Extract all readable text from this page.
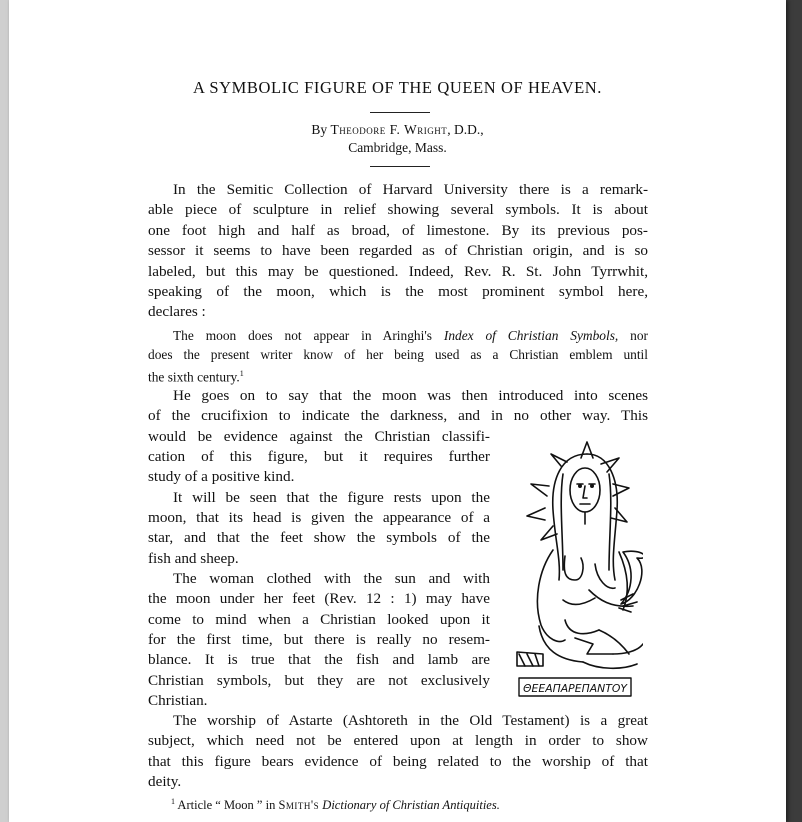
A SYMBOLIC FIGURE OF THE QUEEN OF HEAVEN.
By Theodore F. Wright, D.D.,
Cambridge, Mass.
In the Semitic Collection of Harvard University there is a remark-
able piece of sculpture in relief showing several symbols. It is about
one foot high and half as broad, of limestone. By its previous pos-
sessor it seems to have been regarded as of Christian origin, and is so
labeled, but this may be questioned. Indeed, Rev. R. St. John Tyrrwhit,
speaking of the moon, which is the most prominent symbol here,
declares :
The moon does not appear in Aringhi's Index of Christian Symbols, nor
does the present writer know of her being used as a Christian emblem until
the sixth century.$^1$
He goes on to say that the moon was then introduced into scenes
of the crucifixion to indicate the darkness, and in no other way. This
would be evidence against the Christian classifi-
cation of this figure, but it requires further
study of a positive kind.
It will be seen that the figure rests upon the
moon, that its head is given the appearance of a
star, and that the feet show the symbols of the
fish and sheep.
The woman clothed with the sun and with
the moon under her feet (Rev. 12 : 1) may have
come to mind when a Christian looked upon it
for the first time, but there is really no resem-
blance. It is true that the fish and lamb are
Christian symbols, but they are not exclusively
Christian.
The worship of Astarte (Ashtoreth in the Old Testament) is a great
subject, which need not be entered upon at length in order to show
that this figure bears evidence of being related to the worship of that
deity.
$^1$ Article “ Moon ” in Smith's Dictionary of Christian Antiquities.
ΘΕΕΑΠΑΡΕΠΑΝΤΟΥ
